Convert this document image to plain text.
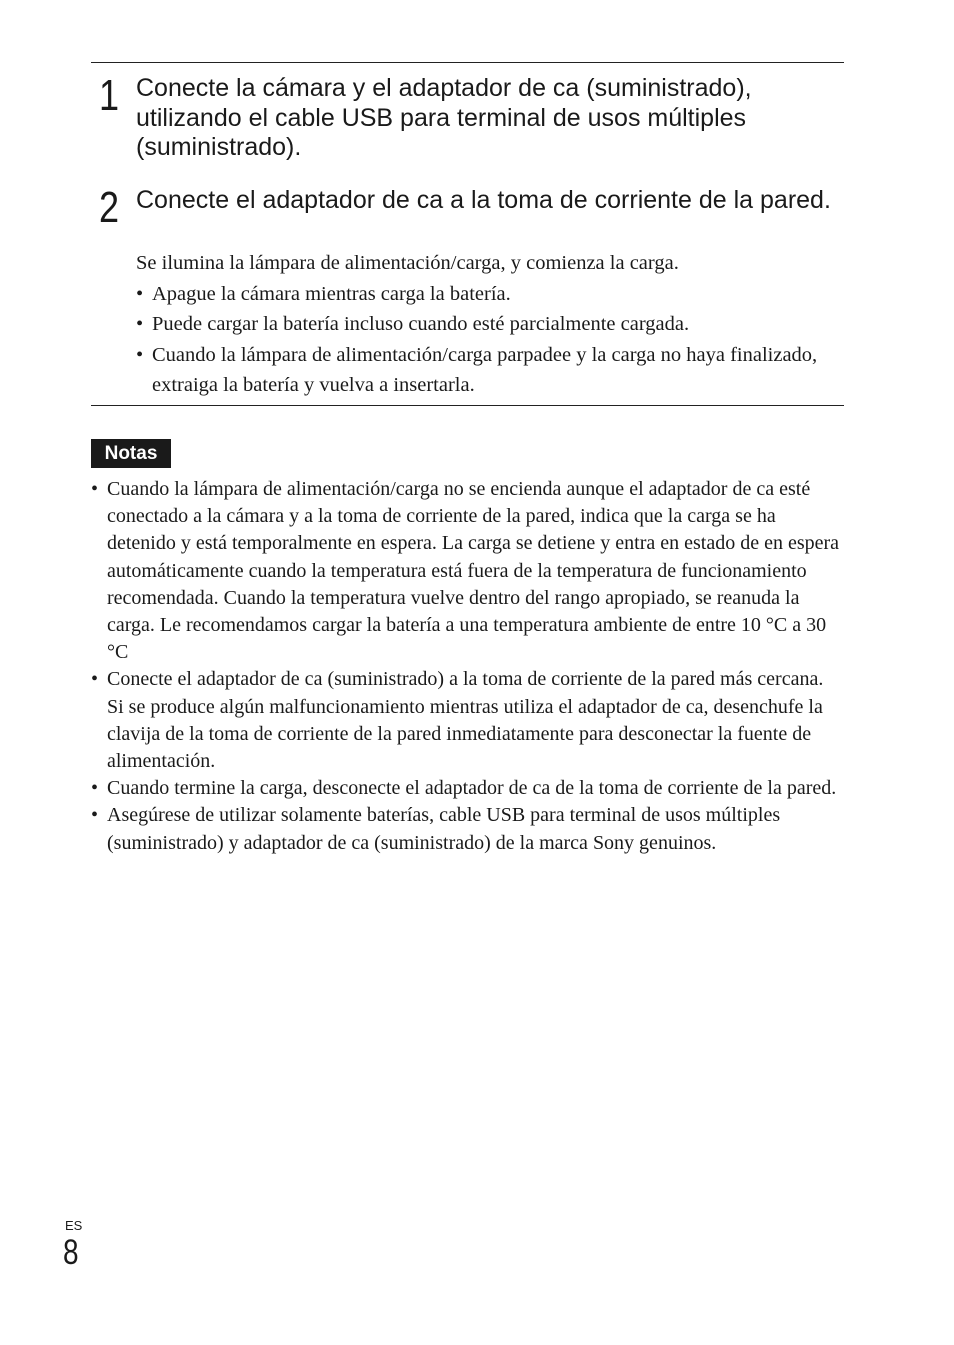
1 Conecte la cámara y el adaptador de ca (suministrado), utilizando el cable USB para terminal de usos múltiples (suministrado).
2 Conecte el adaptador de ca a la toma de corriente de la pared.

Se ilumina la lámpara de alimentación/carga, y comienza la carga.

• Apague la cámara mientras carga la batería.
• Puede cargar la batería incluso cuando esté parcialmente cargada.
• Cuando la lámpara de alimentación/carga parpadee y la carga no haya finalizado, extraiga la batería y vuelva a insertarla.
Notas
• Cuando la lámpara de alimentación/carga no se encienda aunque el adaptador de ca esté conectado a la cámara y a la toma de corriente de la pared, indica que la carga se ha detenido y está temporalmente en espera. La carga se detiene y entra en estado de en espera automáticamente cuando la temperatura está fuera de la temperatura de funcionamiento recomendada. Cuando la temperatura vuelve dentro del rango apropiado, se reanuda la carga. Le recomendamos cargar la batería a una temperatura ambiente de entre 10 °C a 30 °C
• Conecte el adaptador de ca (suministrado) a la toma de corriente de la pared más cercana. Si se produce algún malfuncionamiento mientras utiliza el adaptador de ca, desenchufe la clavija de la toma de corriente de la pared inmediatamente para desconectar la fuente de alimentación.
• Cuando termine la carga, desconecte el adaptador de ca de la toma de corriente de la pared.
• Asegúrese de utilizar solamente baterías, cable USB para terminal de usos múltiples (suministrado) y adaptador de ca (suministrado) de la marca Sony genuinos.
ES
8
